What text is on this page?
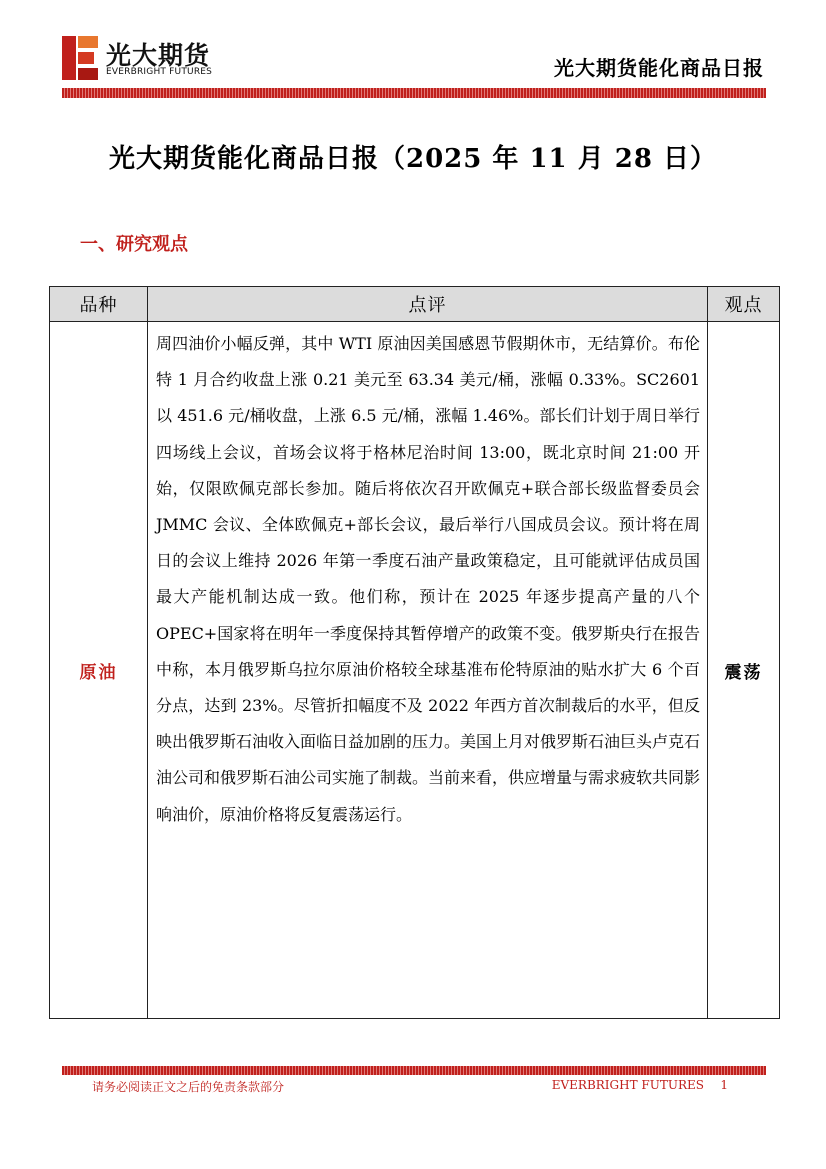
光大期货
EVERBRIGHT FUTURES	光大期货能化商品日报
光大期货能化商品日报（2025 年 11 月 28 日）
一、研究观点
品种	点评	观点
原油	周四油价小幅反弹，其中 WTI 原油因美国感恩节假期休市，无结算价。布伦特 1 月合约收盘上涨 0.21 美元至 63.34 美元/桶，涨幅 0.33%。SC2601 以 451.6 元/桶收盘，上涨 6.5 元/桶，涨幅 1.46%。部长们计划于周日举行四场线上会议，首场会议将于格林尼治时间 13:00，既北京时间 21:00 开始，仅限欧佩克部长参加。随后将依次召开欧佩克+联合部长级监督委员会 JMMC 会议、全体欧佩克+部长会议，最后举行八国成员会议。预计将在周日的会议上维持 2026 年第一季度石油产量政策稳定，且可能就评估成员国最大产能机制达成一致。他们称，预计在 2025 年逐步提高产量的八个 OPEC+国家将在明年一季度保持其暂停增产的政策不变。俄罗斯央行在报告中称，本月俄罗斯乌拉尔原油价格较全球基准布伦特原油的贴水扩大 6 个百分点，达到 23%。尽管折扣幅度不及 2022 年西方首次制裁后的水平，但反映出俄罗斯石油收入面临日益加剧的压力。美国上月对俄罗斯石油巨头卢克石油公司和俄罗斯石油公司实施了制裁。当前来看，供应增量与需求疲软共同影响油价，原油价格将反复震荡运行。	震荡
请务必阅读正文之后的免责条款部分	EVERBRIGHT FUTURES	1
